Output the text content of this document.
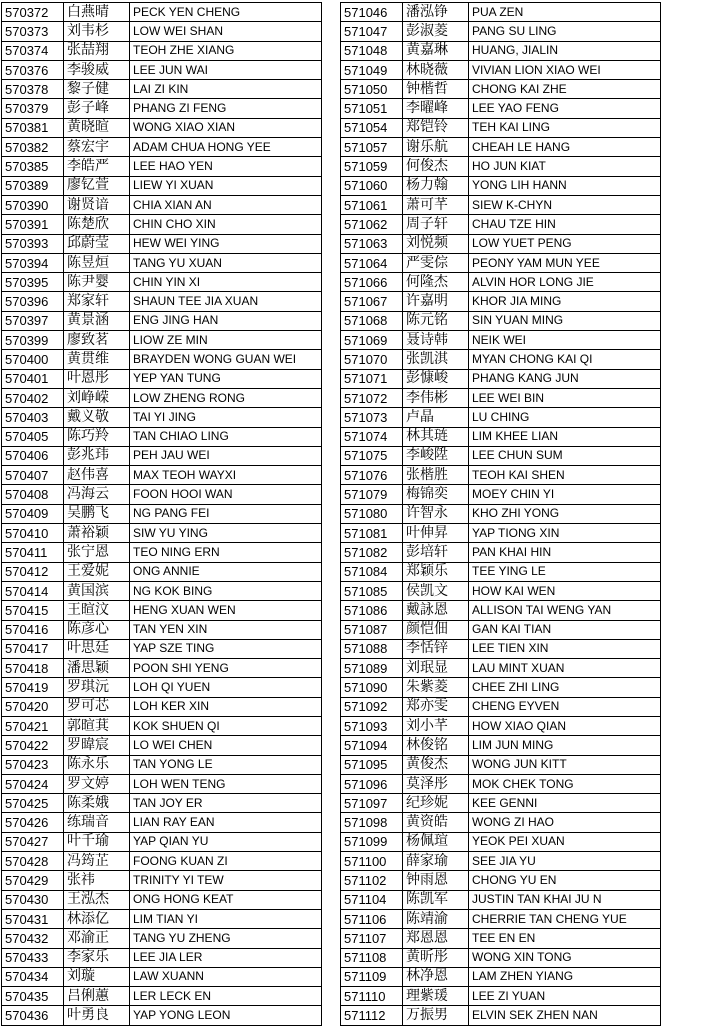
570372	白燕晴	PECK YEN CHENG
570373	刘韦杉	LOW WEI SHAN
570374	张喆翔	TEOH ZHE XIANG
570376	李骏威	LEE JUN WAI
570378	黎子健	LAI ZI KIN
570379	彭子峰	PHANG ZI FENG
570381	黄晓暄	WONG XIAO XIAN
570382	蔡宏宇	ADAM CHUA HONG YEE
570385	李皓严	LEE HAO YEN
570389	廖钇萱	LIEW YI XUAN
570390	谢贤谙	CHIA XIAN AN
570391	陈楚欣	CHIN CHO XIN
570393	邱蔚莹	HEW WEI YING
570394	陈昱烜	TANG YU XUAN
570395	陈尹婴	CHIN YIN XI
570396	郑家轩	SHAUN TEE JIA XUAN
570397	黄景涵	ENG JING HAN
570399	廖致茗	LIOW ZE MIN
570400	黄贯维	BRAYDEN WONG GUAN WEI
570401	叶恩彤	YEP YAN TUNG
570402	刘峥嵘	LOW ZHENG RONG
570403	戴义敬	TAI YI JING
570405	陈巧羚	TAN CHIAO LING
570406	彭兆玮	PEH JAU WEI
570407	赵伟喜	MAX TEOH WAYXI
570408	冯海云	FOON HOOI WAN
570409	吴鹏飞	NG PANG FEI
570410	萧裕颖	SIW YU YING
570411	张宁恩	TEO NING ERN
570412	王爱妮	ONG ANNIE
570414	黄国滨	NG KOK BING
570415	王暄汶	HENG XUAN WEN
570416	陈彦心	TAN YEN XIN
570417	叶思廷	YAP SZE TING
570418	潘思颖	POON SHI YENG
570419	罗琪沅	LOH QI YUEN
570420	罗可芯	LOH KER XIN
570421	郭暄萁	KOK SHUEN QI
570422	罗暐宸	LO WEI CHEN
570423	陈永乐	TAN YONG LE
570424	罗文婷	LOH WEN TENG
570425	陈柔娥	TAN JOY ER
570426	练瑞音	LIAN RAY EAN
570427	叶千瑜	YAP QIAN YU
570428	冯筠芷	FOONG KUAN ZI
570429	张祎	TRINITY YI TEW
570430	王泓杰	ONG HONG KEAT
570431	林添亿	LIM TIAN YI
570432	邓渝正	TANG YU ZHENG
570433	李家乐	LEE JIA LER
570434	刘璇	LAW XUANN
570435	吕俐蕙	LER LECK EN
570436	叶勇良	YAP YONG LEON
571046	潘泓铮	PUA ZEN
571047	彭淑菱	PANG SU LING
571048	黄嘉琳	HUANG, JIALIN
571049	林晓薇	VIVIAN LION XIAO WEI
571050	钟楷哲	CHONG KAI ZHE
571051	李曜峰	LEE YAO FENG
571054	郑铠铃	TEH KAI LING
571057	谢乐航	CHEAH LE HANG
571059	何俊杰	HO JUN KIAT
571060	杨力翰	YONG LIH HANN
571061	萧可芊	SIEW K-CHYN
571062	周子轩	CHAU TZE HIN
571063	刘悦频	LOW YUET PENG
571064	严雯倧	PEONY YAM MUN YEE
571066	何隆杰	ALVIN HOR LONG JIE
571067	许嘉明	KHOR JIA MING
571068	陈元铭	SIN YUAN MING
571069	聂诗韩	NEIK WEI
571070	张凯淇	MYAN CHONG KAI QI
571071	彭慷峻	PHANG KANG JUN
571072	李伟彬	LEE WEI BIN
571073	卢晶	LU CHING
571074	林其琏	LIM KHEE LIAN
571075	李峻陞	LEE CHUN SUM
571076	张楷胜	TEOH KAI SHEN
571079	梅锦奕	MOEY CHIN YI
571080	许智永	KHO ZHI YONG
571081	叶伸昇	YAP TIONG XIN
571082	彭培轩	PAN KHAI HIN
571084	郑颖乐	TEE YING LE
571085	侯凯文	HOW KAI WEN
571086	戴詠恩	ALLISON TAI WENG YAN
571087	颜恺佃	GAN KAI TIAN
571088	李恬锌	LEE TIEN XIN
571089	刘珉显	LAU MINT XUAN
571090	朱紫菱	CHEE ZHI LING
571092	郑亦雯	CHENG EYVEN
571093	刘小芊	HOW XIAO QIAN
571094	林俊铭	LIM JUN MING
571095	黄俊杰	WONG JUN KITT
571096	莫泽彤	MOK CHEK TONG
571097	纪珍妮	KEE GENNI
571098	黄资皓	WONG ZI HAO
571099	杨佩瑄	YEOK PEI XUAN
571100	薛家瑜	SEE JIA YU
571102	钟雨恩	CHONG YU EN
571104	陈凯军	JUSTIN TAN KHAI JU N
571106	陈靖渝	CHERRIE TAN CHENG YUE
571107	郑恩恩	TEE EN EN
571108	黄昕彤	WONG XIN TONG
571109	林净恩	LAM ZHEN YIANG
571110	理紫瑗	LEE ZI YUAN
571112	万振男	ELVIN SEK ZHEN NAN
